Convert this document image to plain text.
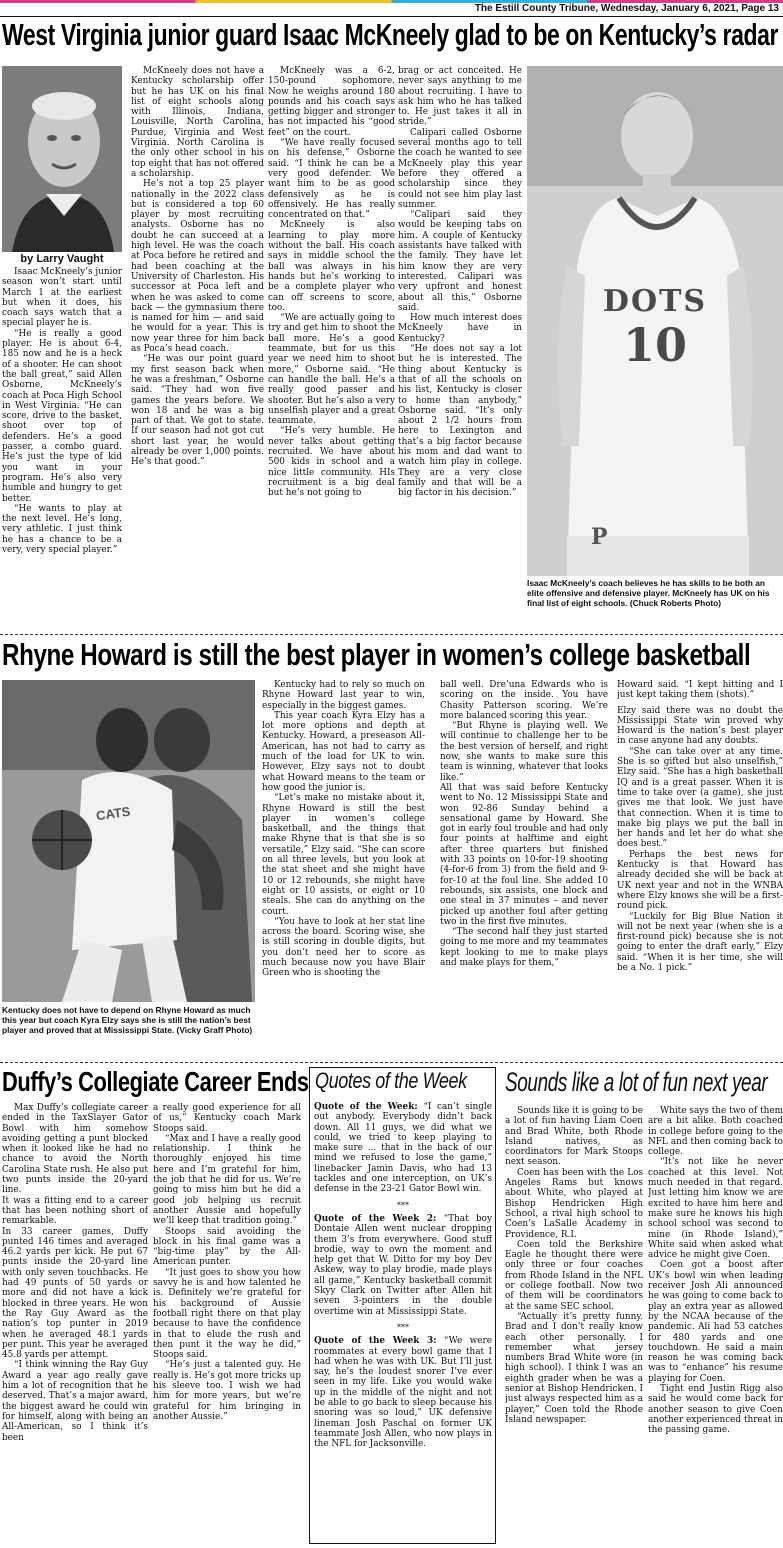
The Estill County Tribune, Wednesday, January 6, 2021, Page 13
West Virginia junior guard Isaac McKneely glad to be on Kentucky’s radar
by Larry Vaught

Isaac McKneely’s junior season won’t start until March 1 at the earliest but when it does, his coach says watch that a special player he is.

“He is really a good player. He is about 6-4, 185 now and he is a heck of a shooter. He can shoot the ball great,” said Allen Osborne, McKneely’s coach at Poca High School in West Virginia. “He can score, drive to the basket, shoot over top of defenders. He’s a good passer, a combo guard. He’s just the type of kid you want in your program. He’s also very humble and hungry to get better.

“He wants to play at the next level. He’s long, very athletic. I just think he has a chance to be a very, very special player.”

McKneely does not have a Kentucky scholarship offer but he has UK on his final list of eight schools along with Illinois, Indiana, Louisville, North Carolina, Purdue, Virginia and West Virginia. North Carolina is the only other school in his top eight that has not offered a scholarship.

He’s not a top 25 player nationally in the 2022 class but is considered a top 60 player by most recruiting analysts. Osborne has no doubt he can succeed at a high level. He was the coach at Poca before he retired and had been coaching at the University of Charleston. His successor at Poca left and when he was asked to come back — the gymnasium there is named for him — and said he would for a year. This is now year three for him back as Poca’s head coach.

“He was our point guard my first season back when he was a freshman,” Osborne said. “They had won five games the years before. We won 18 and he was a big part of that. We got to state. If our season had not got cut short last year, he would already be over 1,000 points. He’s that good.”

McKneely was a 6-2, 150-pound sophomore. Now he weighs around 180 pounds and his coach says getting bigger and stronger has not impacted his “good feet” on the court.

“We have really focused on his defense,” Osborne said. “I think he can be a very good defender. We want him to be as good defensively as he is offensively. He has really concentrated on that.”

McKneely is also learning to play more without the ball. His coach says in middle school the ball was always in his hands but he’s working to be a complete player who can off screens to score, too.

“We are actually going to try and get him to shoot the ball more. He’s a good teammate, but for us this year we need him to shoot more,” Osborne said. “He can handle the ball. He’s a really good passer and shooter. But he’s also a very unselfish player and a great teammate.

“He’s very humble. He never talks about getting recruited. We have about 500 kids in school and a nice little community. HIs recruitment is a big deal but he’s not going to

brag or act conceited. He never says anything to me about recruiting. I have to ask him who he has talked to. He just takes it all in stride.”

Calipari called Osborne several months ago to tell the coach he wanted to see McKneely play this year before they offered a scholarship since they could not see him play last summer.

“Calipari said they would be keeping tabs on him. A couple of Kentucky assistants have talked with the family. They have let him know they are very interested. Calipari was very upfront and honest about all this,” Osborne said.

How much interest does McKneely have in Kentucky?

“He does not say a lot but he is interested. The thing about Kentucky is that of all the schools on his list, Kentucky is closer to home than anybody,” Osborne said. “It’s only about 2 1/2 hours from here to Lexington and that’s a big factor because his mom and dad want to watch him play in college. They are a very close family and that will be a big factor in his decision.”

DOTS
10
P
Isaac McKneely’s coach believes he has skills to be both an elite offensive and defensive player. McKneely has UK on his final list of eight schools. (Chuck Roberts Photo)
Rhyne Howard is still the best player in women’s college basketball
CATS
Kentucky does not have to depend on Rhyne Howard as much this year but coach Kyra Elzy says she is still the nation’s best player and proved that at Mississippi State. (Vicky Graff Photo)

Kentucky had to rely so much on Rhyne Howard last year to win, especially in the biggest games.

This year coach Kyra Elzy has a lot more options and depth at Kentucky. Howard, a preseason All-American, has not had to carry as much of the load for UK to win. However, Elzy says not to doubt what Howard means to the team or how good the junior is.

“Let’s make no mistake about it, Rhyne Howard is still the best player in women’s college basketball, and the things that make Rhyne that is that she is so versatile,” Elzy said. “She can score on all three levels, but you look at the stat sheet and she might have 10 or 12 rebounds, she might have eight or 10 assists, or eight or 10 steals. She can do anything on the court.

“You have to look at her stat line across the board. Scoring wise, she is still scoring in double digits, but you don’t need her to score as much because now you have Blair Green who is shooting the

ball well. Dre’una Edwards who is scoring on the inside. You have Chasity Patterson scoring. We’re more balanced scoring this year.

“But Rhyne is playing well. We will continue to challenge her to be the best version of herself, and right now, she wants to make sure this team is winning, whatever that looks like.”

All that was said before Kentucky went to No. 12 Mississippi State and won 92-86 Sunday behind a sensational game by Howard. She got in early foul trouble and had only four points at halftime and eight after three quarters but finished with 33 points on 10-for-19 shooting (4-for-6 from 3) from the field and 9-for-10 at the foul line. She added 10 rebounds, six assists, one block and one steal in 37 minutes – and never picked up another foul after getting two in the first five minutes.

“The second half they just started going to me more and my teammates kept looking to me to make plays and make plays for them,”

Howard said. “I kept hitting and I just kept taking them (shots).”

Elzy said there was no doubt the Mississippi State win proved why Howard is the nation’s best player in case anyone had any doubts.

“She can take over at any time. She is so gifted but also unselfish,” Elzy said. “She has a high basketball IQ and is a great passer. When it is time to take over (a game), she just gives me that look. We just have that connection. When it is time to make big plays we put the ball in her hands and let her do what she does best.”

Perhaps the best news for Kentucky is that Howard has already decided she will be back at UK next year and not in the WNBA where Elzy knows she will be a first-round pick.

“Luckily for Big Blue Nation it will not be next year (when she is a first-round pick) because she is not going to enter the draft early,” Elzy said. “When it is her time, she will be a No. 1 pick.”

Duffy’s Collegiate Career Ends

Max Duffy’s collegiate career ended in the TaxSlayer Gator Bowl with him somehow avoiding getting a punt blocked when it looked like he had no chance to avoid the North Carolina State rush. He also put two punts inside the 20-yard line.

It was a fitting end to a career that has been nothing short of remarkable.

In 33 career games, Duffy punted 146 times and averaged 46.2 yards per kick. He put 67 punts inside the 20-yard line with only seven touchbacks. He had 49 punts of 50 yards or more and did not have a kick blocked in three years. He won the Ray Guy Award as the nation’s top punter in 2019 when he averaged 48.1 yards per punt. This year he averaged 45.8 yards per attempt.

“I think winning the Ray Guy Award a year ago really gave him a lot of recognition that he deserved. That’s a major award, the biggest award he could win for himself, along with being an All-American, so I think it’s been

a really good experience for all of us,” Kentucky coach Mark Stoops said.

“Max and I have a really good relationship. I think he thoroughly enjoyed his time here and I’m grateful for him, the job that he did for us. We’re going to miss him but he did a good job helping us recruit another Aussie and hopefully we’ll keep that tradition going.”

Stoops said avoiding the block in his final game was a “big-time play” by the All-American punter.

“It just goes to show you how savvy he is and how talented he is. Definitely we’re grateful for his background of Aussie football right there on that play because to have the confidence in that to elude the rush and then punt it the way he did,” Stoops said.

“He’s just a talented guy. He really is. He’s got more tricks up his sleeve too. I wish we had him for more years, but we’re grateful for him bringing in another Aussie.”

Quotes of the Week

Quote of the Week: “I can’t single out anybody. Everybody didn’t back down. All 11 guys, we did what we could, we tried to keep playing to make sure ... that in the back of our mind we refused to lose the game,” linebacker Jamin Davis, who had 13 tackles and one interception, on UK’s defense in the 23-21 Gator Bowl win.

***

Quote of the Week 2: “That boy Dontaie Allen went nuclear dropping them 3’s from everywhere. Good stuff brodie, way to own the moment and help get that W. Ditto for my boy Dev Askew, way to play brodie, made plays all game,” Kentucky basketball commit Skyy Clark on Twitter after Allen hit seven 3-pointers in the double overtime win at Mississippi State.

***

Quote of the Week 3: “We were roommates at every bowl game that I had when he was with UK. But I’ll just say, he’s the loudest snorer I’ve ever seen in my life. Like you would wake up in the middle of the night and not be able to go back to sleep because his snoring was so loud,” UK defensive lineman Josh Paschal on former UK teammate Josh Allen, who now plays in the NFL for Jacksonville.

Sounds like a lot of fun next year

Sounds like it is going to be a lot of fun having Liam Coen and Brad White, both Rhode Island natives, as coordinators for Mark Stoops next season.

Coen has been with the Los Angeles Rams but knows about White, who played at Bishop Hendricken High School, a rival high school to Coen’s LaSalle Academy in Providence, R.I.

Coen told the Berkshire Eagle he thought there were only three or four coaches from Rhode Island in the NFL or college football. Now two of them will be coordinators at the same SEC school.

“Actually it’s pretty funny. Brad and I don’t really know each other personally. I remember what jersey numbers Brad White wore (in high school). I think I was an eighth grader when he was a senior at Bishop Hendricken. I just always respected him as a player,” Coen told the Rhode Island newspaper.

White says the two of them are a bit alike. Both coached in college before going to the NFL and then coming back to college.

“It’s not like he never coached at this level. Not much needed in that regard. Just letting him know we are excited to have him here and make sure he knows his high school school was second to mine (in Rhode Island),” White said when asked what advice he might give Coen.

Coen got a boost after UK’s bowl win when leading receiver Josh Ali announced he was going to come back to play an extra year as allowed by the NCAA because of the pandemic. Ali had 53 catches for 480 yards and one touchdown. He said a main reason he was coming back was to “enhance” his resume playing for Coen.

Tight end Justin Rigg also said he would come back for another season to give Coen another experienced threat in the passing game.
